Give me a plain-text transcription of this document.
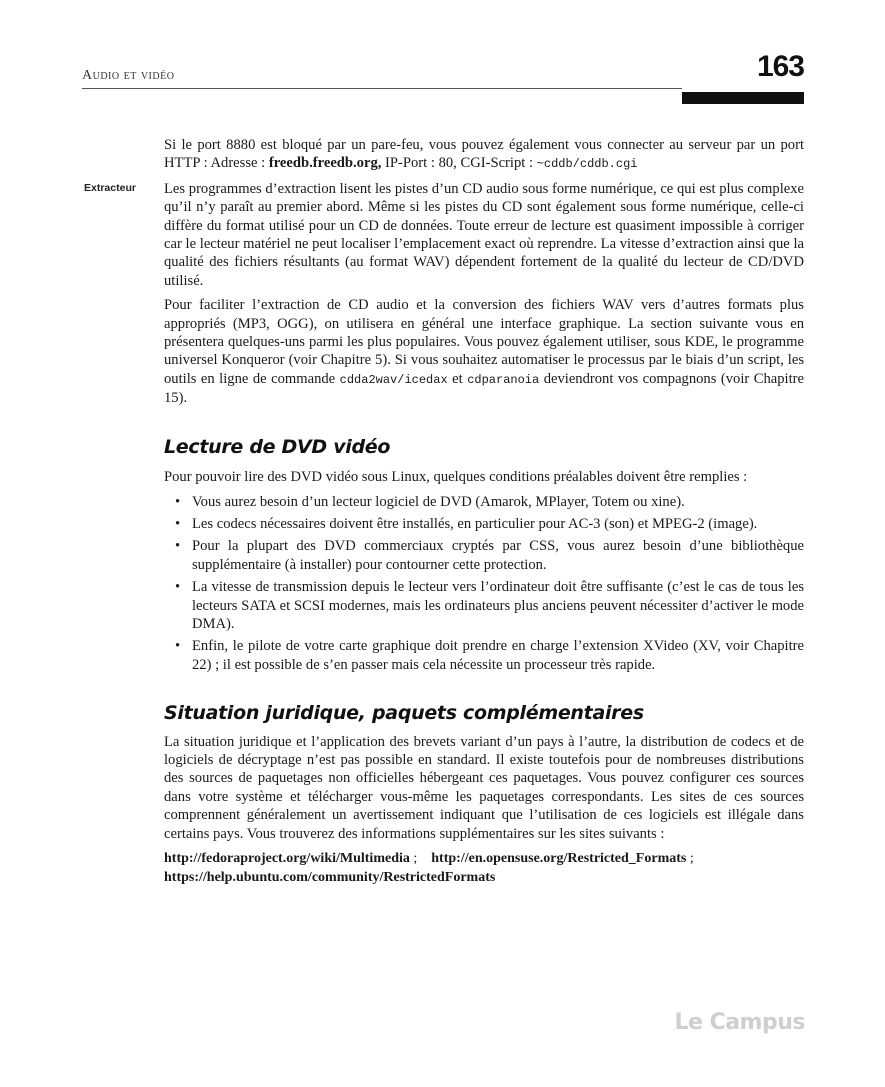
Audio et vidéo	163
Extracteur

Si le port 8880 est bloqué par un pare-feu, vous pouvez également vous connecter au serveur par un port HTTP : Adresse : freedb.freedb.org, IP-Port : 80, CGI-Script : ~cddb/cddb.cgi

Les programmes d’extraction lisent les pistes d’un CD audio sous forme numérique, ce qui est plus complexe qu’il n’y paraît au premier abord. Même si les pistes du CD sont également sous forme numérique, celle-ci diffère du format utilisé pour un CD de données. Toute erreur de lecture est quasiment impossible à corriger car le lecteur matériel ne peut localiser l’emplacement exact où reprendre. La vitesse d’extraction ainsi que la qualité des fichiers résultants (au format WAV) dépendent fortement de la qualité du lecteur de CD/DVD utilisé.

Pour faciliter l’extraction de CD audio et la conversion des fichiers WAV vers d’autres formats plus appropriés (MP3, OGG), on utilisera en général une interface graphique. La section suivante vous en présentera quelques-uns parmi les plus populaires. Vous pouvez également utiliser, sous KDE, le programme universel Konqueror (voir Chapitre 5). Si vous souhaitez automatiser le processus par le biais d’un script, les outils en ligne de commande cdda2wav/icedax et cdparanoia deviendront vos compagnons (voir Chapitre 15).

Lecture de DVD vidéo

Pour pouvoir lire des DVD vidéo sous Linux, quelques conditions préalables doivent être remplies :

• Vous aurez besoin d’un lecteur logiciel de DVD (Amarok, MPlayer, Totem ou xine).
• Les codecs nécessaires doivent être installés, en particulier pour AC-3 (son) et MPEG-2 (image).
• Pour la plupart des DVD commerciaux cryptés par CSS, vous aurez besoin d’une bibliothèque supplémentaire (à installer) pour contourner cette protection.
• La vitesse de transmission depuis le lecteur vers l’ordinateur doit être suffisante (c’est le cas de tous les lecteurs SATA et SCSI modernes, mais les ordinateurs plus anciens peuvent nécessiter d’activer le mode DMA).
• Enfin, le pilote de votre carte graphique doit prendre en charge l’extension XVideo (XV, voir Chapitre 22) ; il est possible de s’en passer mais cela nécessite un processeur très rapide.
Situation juridique, paquets complémentaires

La situation juridique et l’application des brevets variant d’un pays à l’autre, la distribution de codecs et de logiciels de décryptage n’est pas possible en standard. Il existe toutefois pour de nombreuses distributions des sources de paquetages non officielles hébergeant ces paquetages. Vous pouvez configurer ces sources dans votre système et télécharger vous-même les paquetages correspondants. Les sites de ces sources comprennent généralement un avertissement indiquant que l’utilisation de ces logiciels est illégale dans certains pays. Vous trouverez des informations supplémentaires sur les sites suivants :

http://fedoraproject.org/wiki/Multimedia ; http://en.opensuse.org/Restricted_Formats ;
https://help.ubuntu.com/community/RestrictedFormats
Le Campus
